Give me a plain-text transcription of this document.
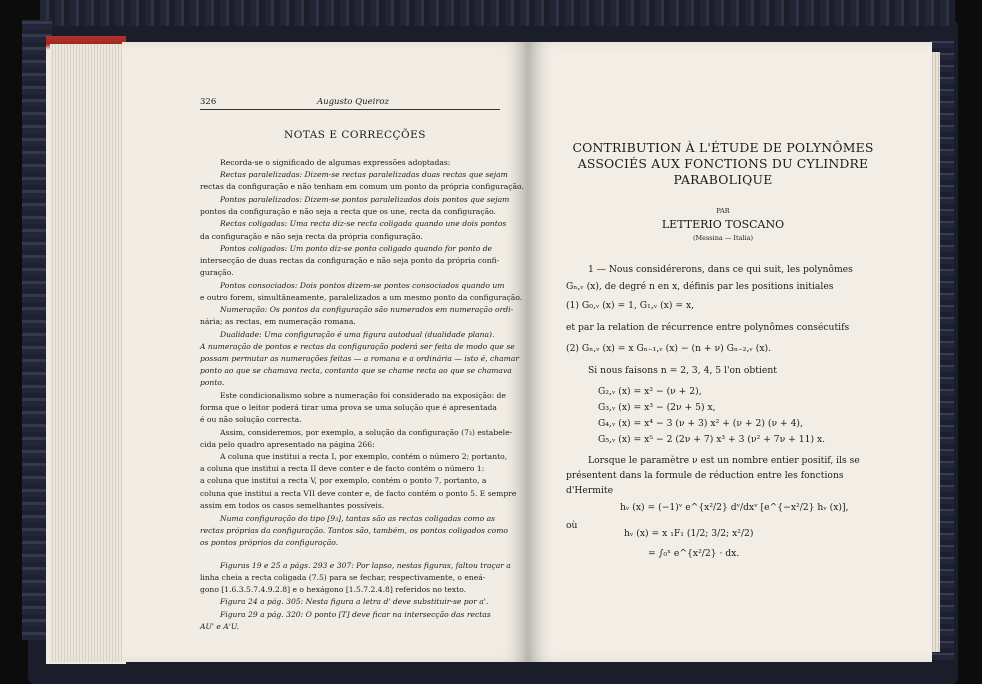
326	Augusto Queiroz
NOTAS E CORRECÇÕES
Recorda-se o significado de algumas expressões adoptadas:
Rectas paralelizadas: Dizem-se rectas paralelizadas duas rectas que sejam
rectas da configuração e não tenham em comum um ponto da própria configuração.
Pontos paralelizados: Dizem-se pontos paralelizados dois pontos que sejam
pontos da configuração e não seja a recta que os une, recta da configuração.
Rectas coligadas: Uma recta diz-se recta coligada quando une dois pontos
da configuração e não seja recta da própria configuração.
Pontos coligados: Um ponto diz-se ponto coligado quando for ponto de
intersecção de duas rectas da configuração e não seja ponto da própria confi-
guração.
Pontos consociados: Dois pontos dizem-se pontos consociados quando um
e outro forem, simultâneamente, paralelizados a um mesmo ponto da configuração.
Numeração: Os pontos da configuração são numerados em numeração ordi-
nária; as rectas, em numeração romana.
Dualidade: Uma configuração é uma figura autodual (dualidade plana).
A numeração de pontos e rectas da configuração poderá ser feita de modo que se
possam permutar as numerações feitas — a romana e a ordinária — isto é, chamar
ponto ao que se chamava recta, contanto que se chame recta ao que se chamava
ponto.
Este condicionalismo sobre a numeração foi considerado na exposição: de
forma que o leitor poderá tirar uma prova se uma solução que é apresentada
é ou não solução correcta.
Assim, consideremos, por exemplo, a solução da configuração (7₃) estabele-
cida pelo quadro apresentado na página 266:
A coluna que institui a recta I, por exemplo, contém o número 2; portanto,
a coluna que institui a recta II deve conter e de facto contém o número 1:
a coluna que institui a recta V, por exemplo, contém o ponto 7, portanto, a
coluna que institui a recta VII deve conter e, de facto contém o ponto 5. E sempre
assim em todos os casos semelhantes possíveis.
Numa configuração do tipo [9₃], tantas são as rectas coligadas como as
rectas próprias da configuração. Tantos são, também, os pontos coligados como
os pontos próprios da configuração.
Figuras 19 e 25 a págs. 293 e 307: Por lapso, nestas figuras, faltou traçar a
linha cheia a recta coligada (7.5) para se fechar, respectivamente, o eneá-
gono [1.6.3.5.7.4.9.2.8] e o hexágono [1.5.7.2.4.8] referidos no texto.
Figura 24 a pág. 305: Nesta figura a letra d' deve substituir-se por a'.
Figura 29 a pág. 320: O ponto [T] deve ficar na intersecção das rectas
AU' e A'U.
CONTRIBUTION À L'ÉTUDE DE POLYNÔMES
ASSOCIÉS AUX FONCTIONS DU CYLINDRE
PARABOLIQUE
PAR
LETTERIO TOSCANO
(Messina — Italia)
1 — Nous considérerons, dans ce qui suit, les polynômes
Gₙ,ᵥ (x), de degré n en x, définis par les positions initiales
(1) G₀,ᵥ (x) = 1, G₁,ᵥ (x) = x,
et par la relation de récurrence entre polynômes consécutifs
(2) Gₙ,ᵥ (x) = x Gₙ₋₁,ᵥ (x) − (n + ν) Gₙ₋₂,ᵥ (x).
Si nous faisons n = 2, 3, 4, 5 l'on obtient
G₂,ᵥ (x) = x² − (ν + 2),
G₃,ᵥ (x) = x³ − (2ν + 5) x,
G₄,ᵥ (x) = x⁴ − 3 (ν + 3) x² + (ν + 2) (ν + 4),
G₅,ᵥ (x) = x⁵ − 2 (2ν + 7) x³ + 3 (ν² + 7ν + 11) x.
Lorsque le paramètre ν est un nombre entier positif, ils se
présentent dans la formule de réduction entre les fonctions
d'Hermite
hᵥ (x) = (−1)ᵛ e^{x²/2} dᵛ/dxᵛ [e^{−x²/2} hᵥ (x)],
où
hᵥ (x) = x ₁F₁ (1/2; 3/2; x²/2)
= ∫₀ˣ e^{x²/2} · dx.
